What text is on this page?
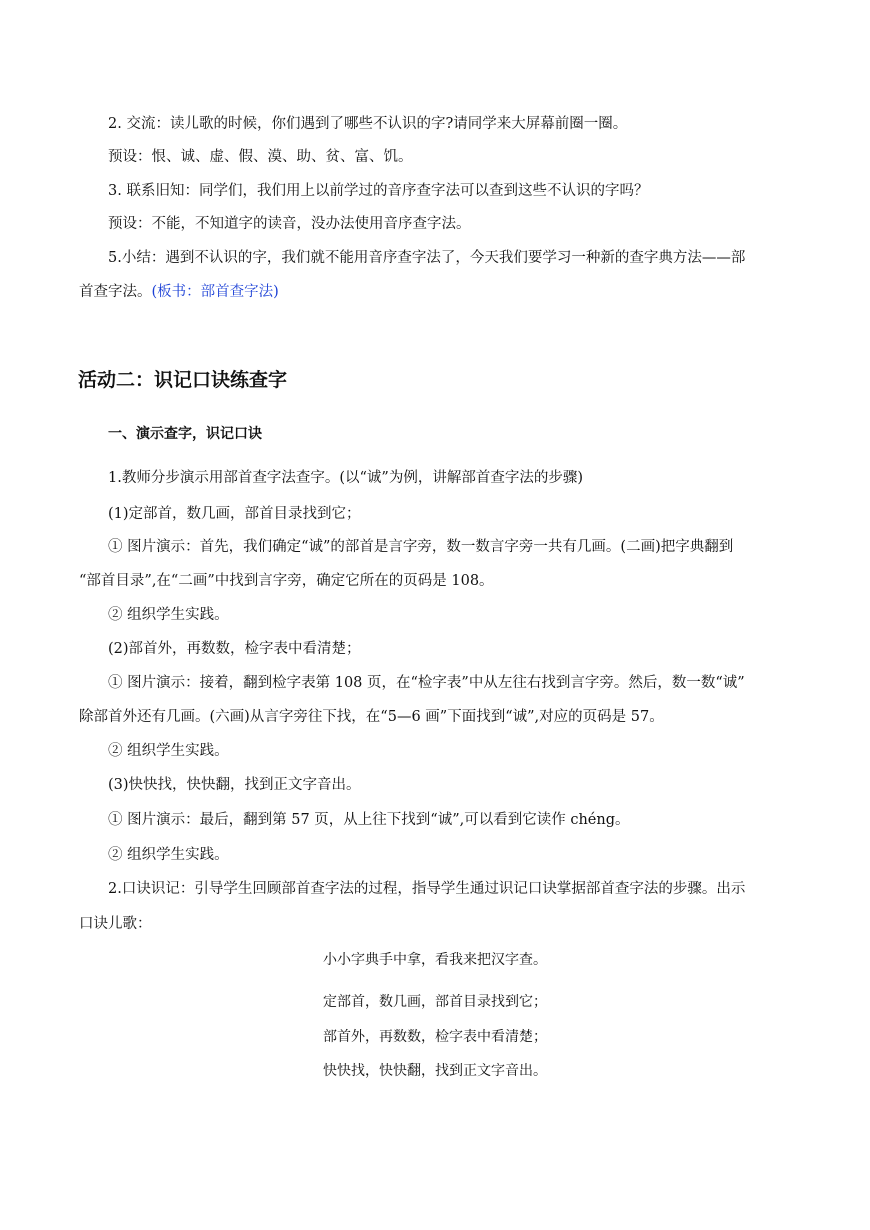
2. 交流：读儿歌的时候，你们遇到了哪些不认识的字?请同学来大屏幕前圈一圈。
预设：恨、诚、虚、假、漠、助、贫、富、饥。
3. 联系旧知：同学们，我们用上以前学过的音序查字法可以查到这些不认识的字吗？
预设：不能，不知道字的读音，没办法使用音序查字法。
5.小结：遇到不认识的字，我们就不能用音序查字法了，今天我们要学习一种新的查字典方法——部
首查字法。(板书：部首查字法)
活动二：识记口诀练查字
一、演示查字，识记口诀
1.教师分步演示用部首查字法查字。(以“诚”为例，讲解部首查字法的步骤)
(1)定部首，数几画，部首目录找到它；
① 图片演示：首先，我们确定“诚”的部首是言字旁，数一数言字旁一共有几画。(二画)把字典翻到
“部首目录”,在“二画”中找到言字旁，确定它所在的页码是 108。
② 组织学生实践。
(2)部首外，再数数，检字表中看清楚；
① 图片演示：接着，翻到检字表第 108 页，在“检字表”中从左往右找到言字旁。然后，数一数“诚”
除部首外还有几画。(六画)从言字旁往下找，在“5—6 画”下面找到“诚”,对应的页码是 57。
② 组织学生实践。
(3)快快找，快快翻，找到正文字音出。
① 图片演示：最后，翻到第 57 页，从上往下找到“诚”,可以看到它读作 chéng。
② 组织学生实践。
2.口诀识记：引导学生回顾部首查字法的过程，指导学生通过识记口诀掌据部首查字法的步骤。出示
口诀儿歌：
小小字典手中拿，看我来把汉字查。
定部首，数几画，部首目录找到它；
部首外，再数数，检字表中看清楚；
快快找，快快翻，找到正文字音出。
